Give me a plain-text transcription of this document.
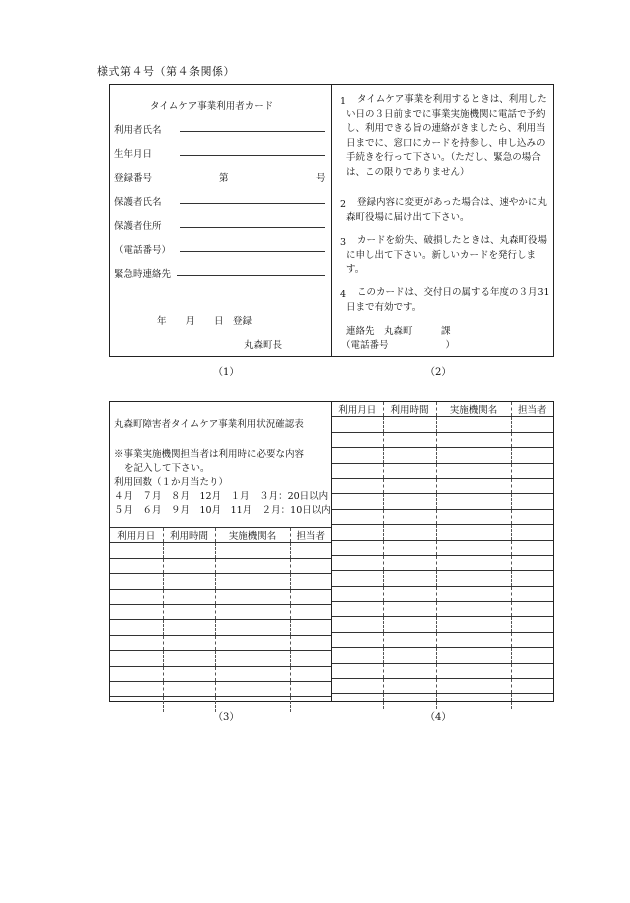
様式第４号（第４条関係）
タイムケア事業利用者カード
利用者氏名
生年月日
登録番号	第	号
保護者氏名
保護者住所
（電話番号）
緊急時連絡先
年　　月　　日　登録
丸森町長
1	タイムケア事業を利用するときは、利用したい日の３日前までに事業実施機関に電話で予約し、利用できる旨の連絡がきましたら、利用当日までに、窓口にカードを持参し、申し込みの手続きを行って下さい。（ただし、緊急の場合は、この限りでありません）
2	登録内容に変更があった場合は、速やかに丸森町役場に届け出て下さい。
3	カードを紛失、破損したときは、丸森町役場に申し出て下さい。新しいカードを発行します。
4	このカードは、交付日の属する年度の３月31日まで有効です。
連絡先　丸森町　　　課
（電話番号　　　　　　）
（1）	（2）
丸森町障害者タイムケア事業利用状況確認表
※事業実施機関担当者は利用時に必要な内容
を記入して下さい。
利用回数（１か月当たり）
４月　７月　８月　12月　１月　３月：20日以内
５月　６月　９月　10月　11月　２月：10日以内
利用月日	利用時間	実施機関名	担当者

利用月日	利用時間	実施機関名	担当者

（3）	（4）
